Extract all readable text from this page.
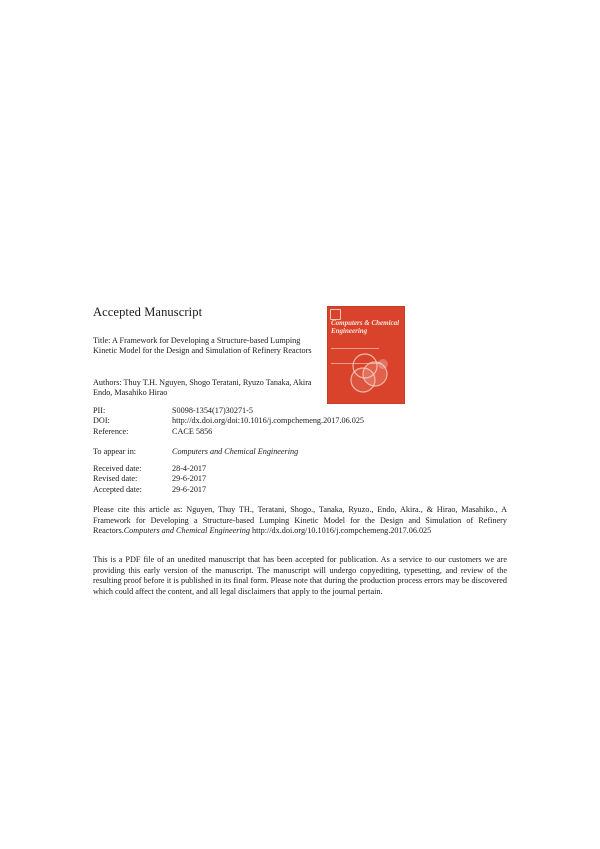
Accepted Manuscript
Computers & Chemical Engineering
Title: A Framework for Developing a Structure-based Lumping Kinetic Model for the Design and Simulation of Refinery Reactors
Authors: Thuy T.H. Nguyen, Shogo Teratani, Ryuzo Tanaka, Akira Endo, Masahiko Hirao
PII:	S0098-1354(17)30271-5
DOI:	http://dx.doi.org/doi:10.1016/j.compchemeng.2017.06.025
Reference:	CACE 5856
To appear in:	Computers and Chemical Engineering
Received date:	28-4-2017
Revised date:	29-6-2017
Accepted date:	29-6-2017
Please cite this article as: Nguyen, Thuy TH., Teratani, Shogo., Tanaka, Ryuzo., Endo, Akira., & Hirao, Masahiko., A Framework for Developing a Structure-based Lumping Kinetic Model for the Design and Simulation of Refinery Reactors.Computers and Chemical Engineering http://dx.doi.org/10.1016/j.compchemeng.2017.06.025
This is a PDF file of an unedited manuscript that has been accepted for publication. As a service to our customers we are providing this early version of the manuscript. The manuscript will undergo copyediting, typesetting, and review of the resulting proof before it is published in its final form. Please note that during the production process errors may be discovered which could affect the content, and all legal disclaimers that apply to the journal pertain.
